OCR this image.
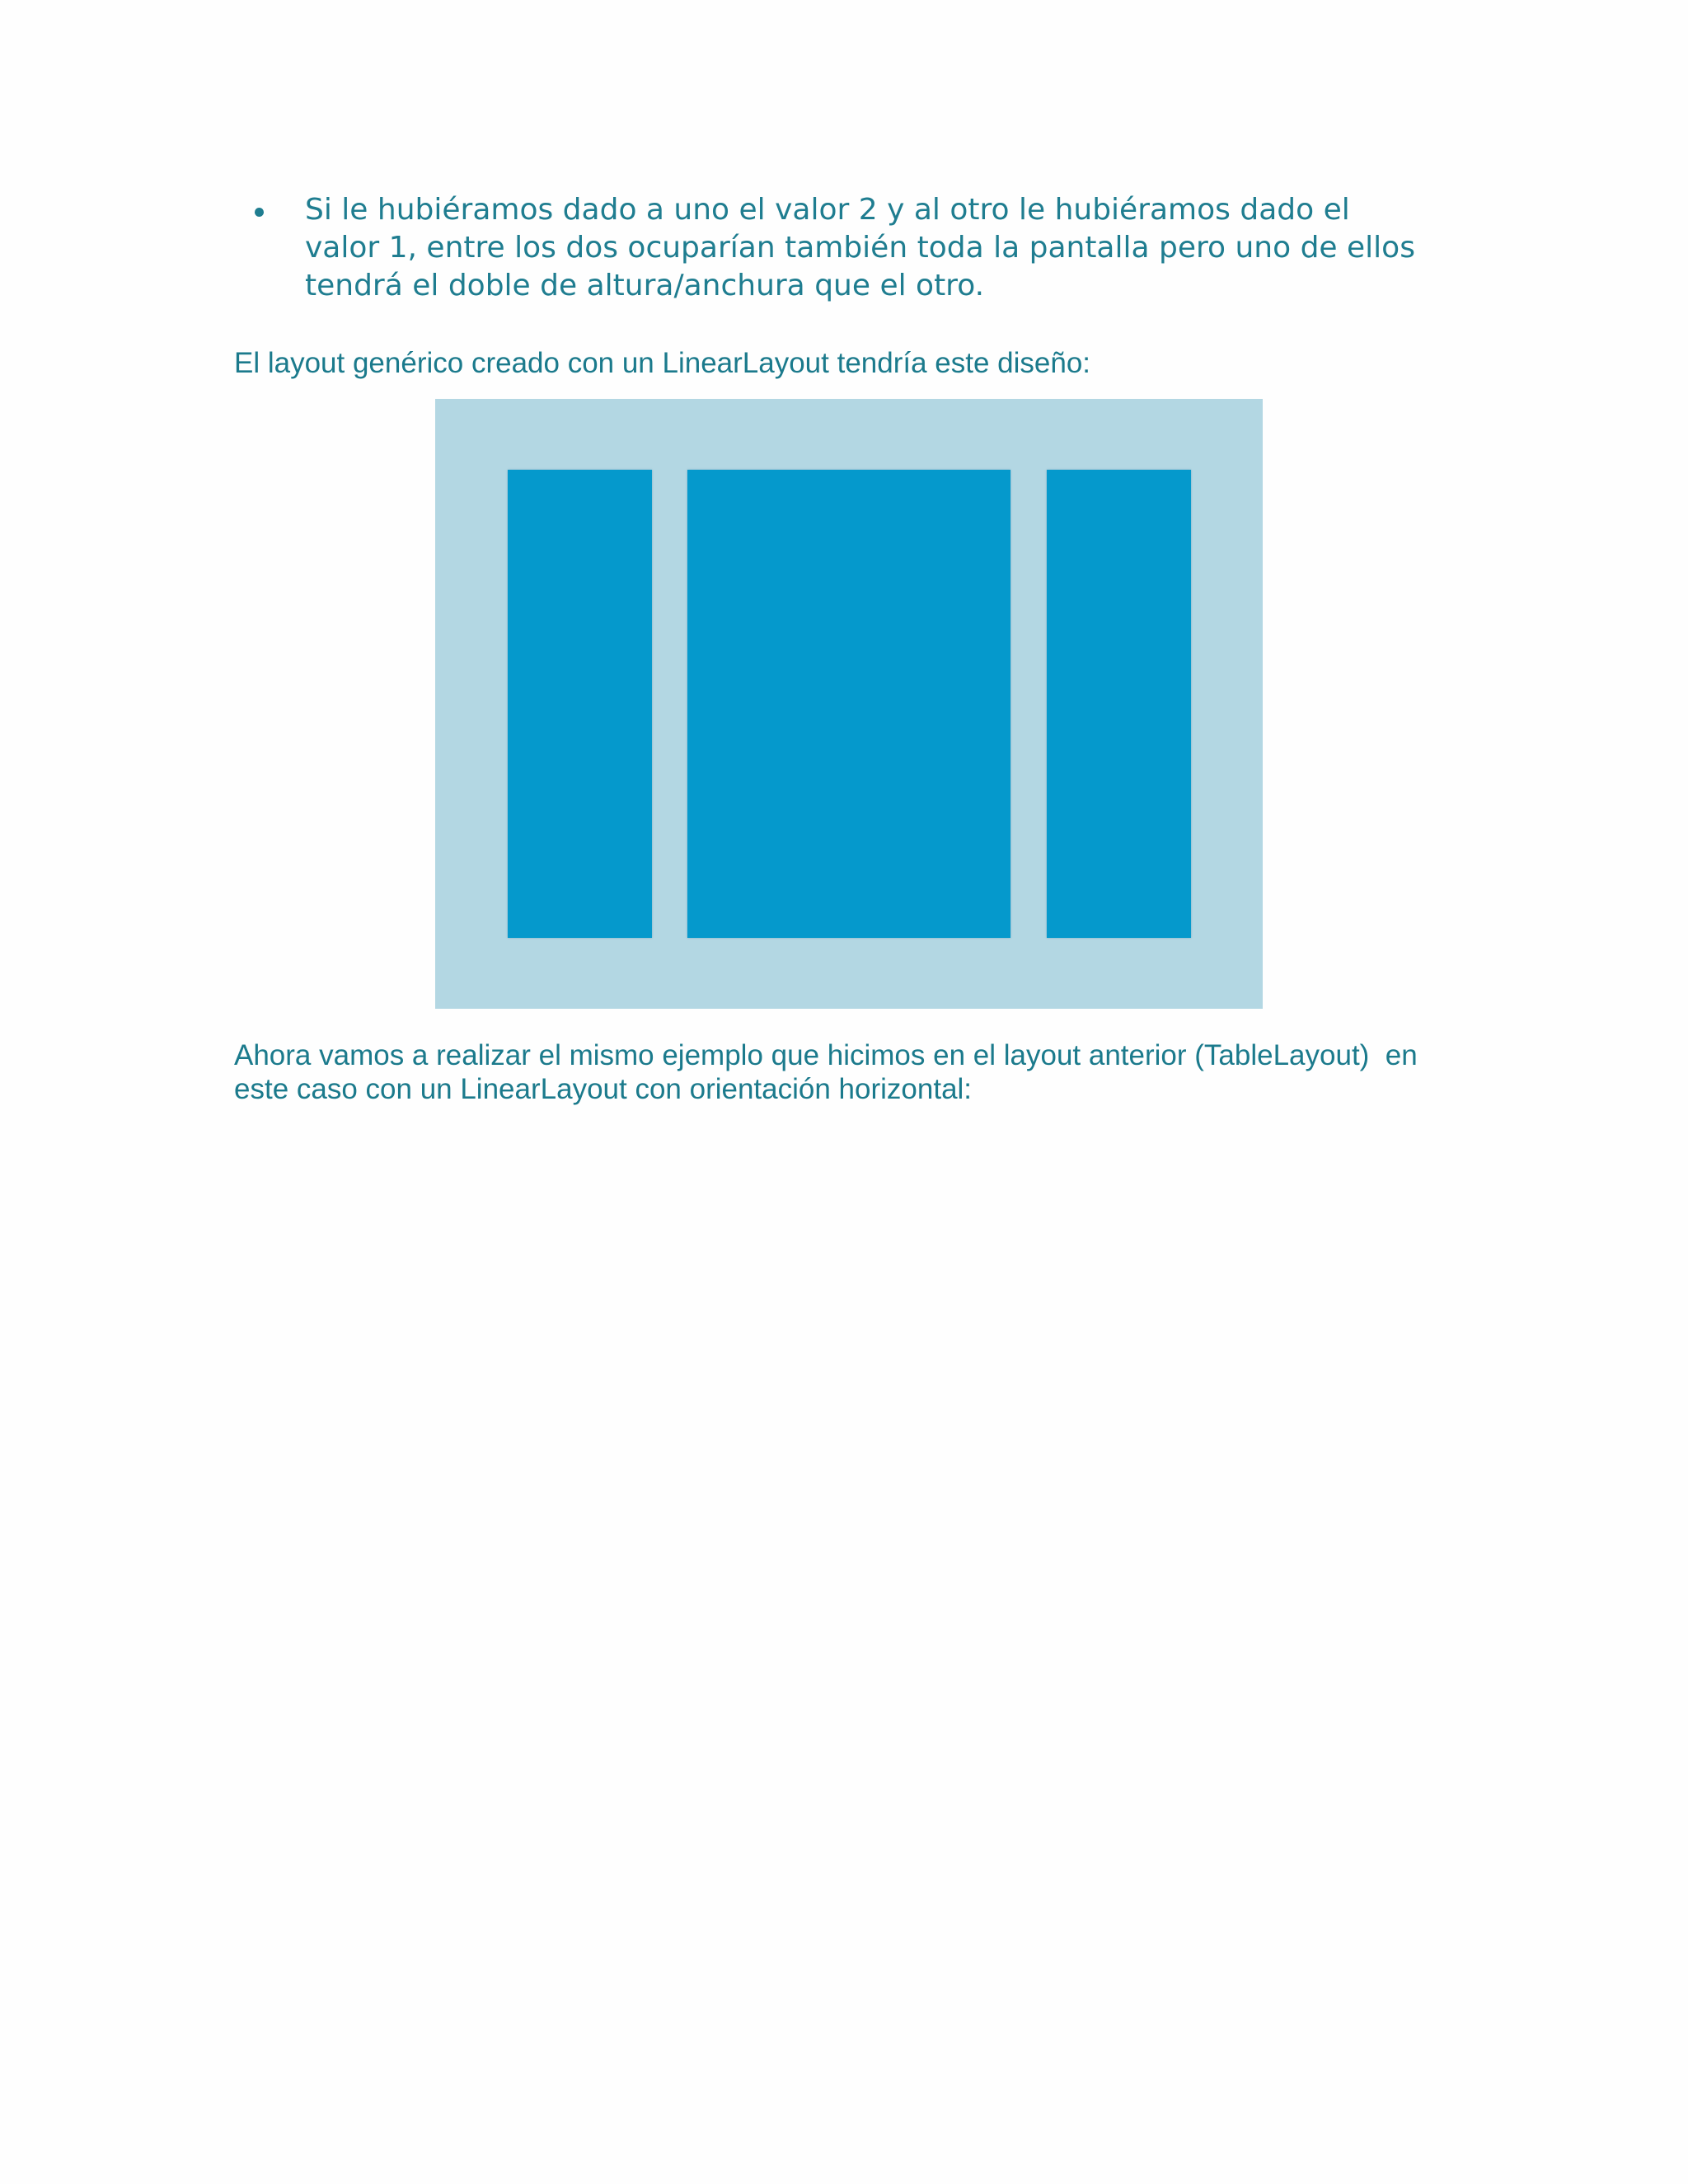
Si le hubiéramos dado a uno el valor 2 y al otro le hubiéramos dado el
valor 1, entre los dos ocuparían también toda la pantalla pero uno de ellos
tendrá el doble de altura/anchura que el otro.

El layout genérico creado con un LinearLayout tendría este diseño:

Ahora vamos a realizar el mismo ejemplo que hicimos en el layout anterior (TableLayout)  en
este caso con un LinearLayout con orientación horizontal:
